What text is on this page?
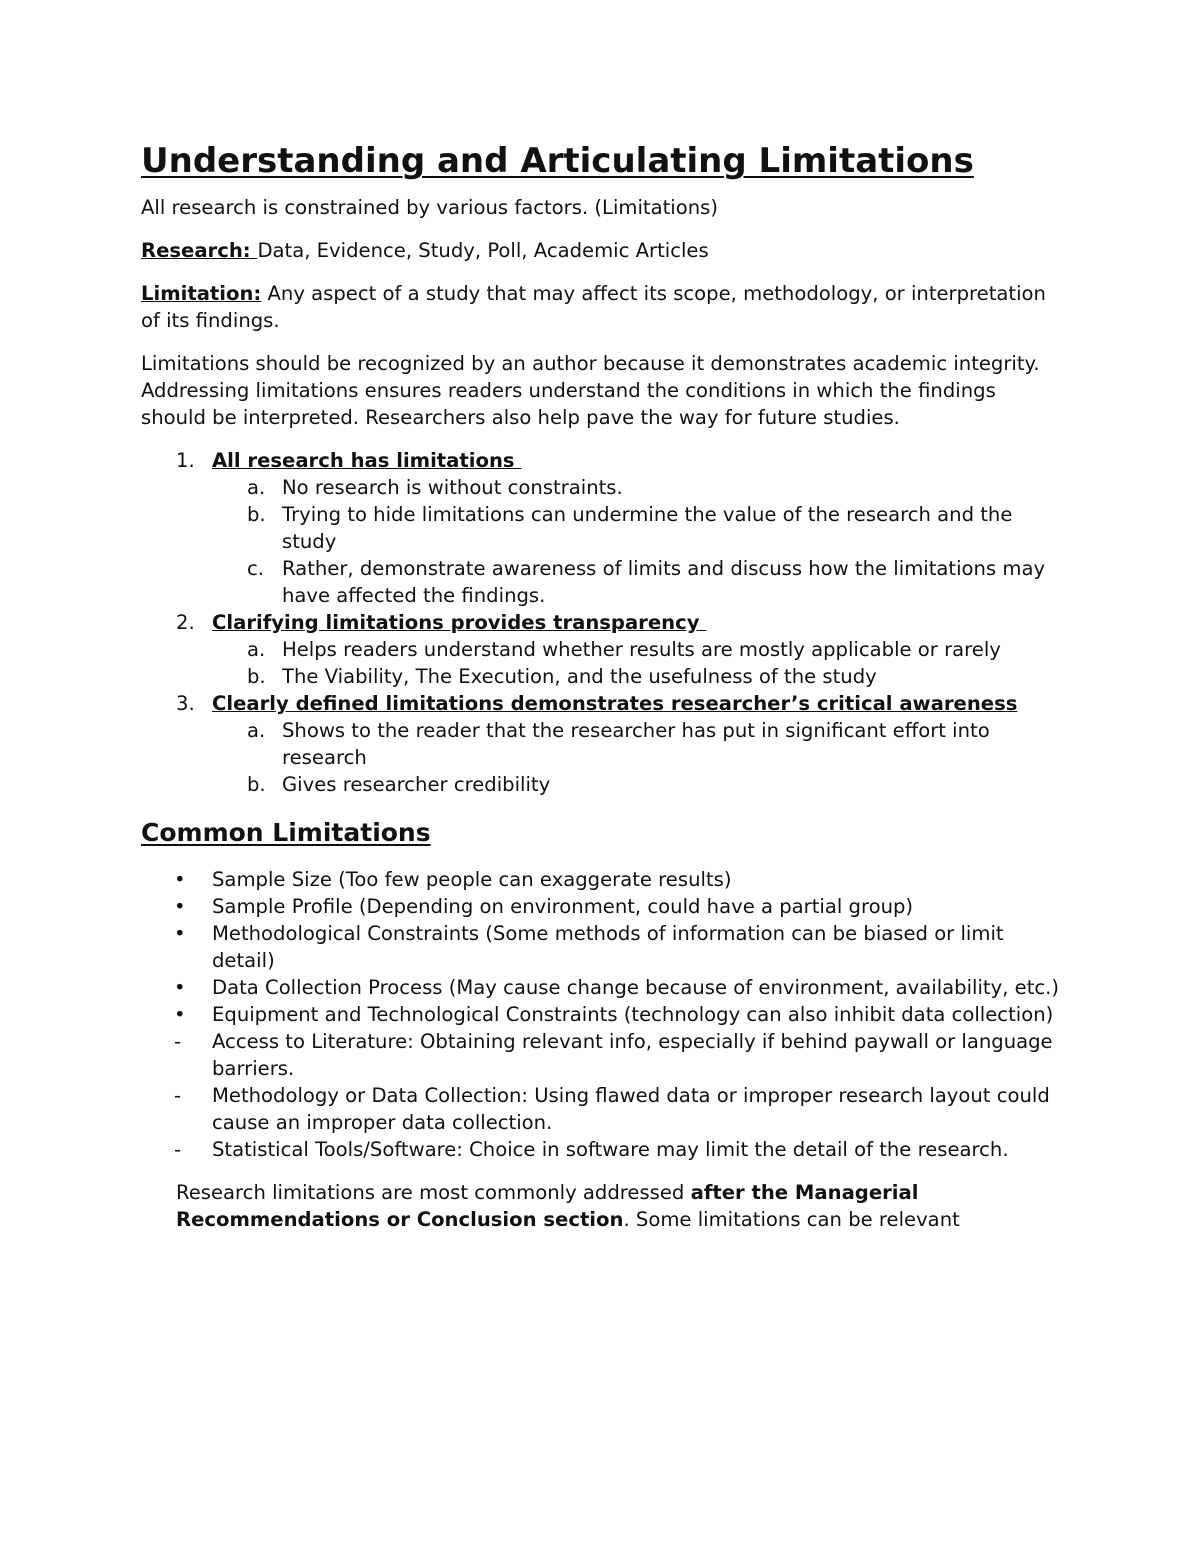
Understanding and Articulating Limitations

All research is constrained by various factors. (Limitations)

Research: Data, Evidence, Study, Poll, Academic Articles

Limitation: Any aspect of a study that may affect its scope, methodology, or interpretation of its findings.

Limitations should be recognized by an author because it demonstrates academic integrity. Addressing limitations ensures readers understand the conditions in which the findings should be interpreted. Researchers also help pave the way for future studies.

1. All research has limitations
a. No research is without constraints.
b. Trying to hide limitations can undermine the value of the research and the study
c. Rather, demonstrate awareness of limits and discuss how the limitations may have affected the findings.
2. Clarifying limitations provides transparency
a. Helps readers understand whether results are mostly applicable or rarely
b. The Viability, The Execution, and the usefulness of the study
3. Clearly defined limitations demonstrates researcher’s critical awareness
a. Shows to the reader that the researcher has put in significant effort into research
b. Gives researcher credibility
Common Limitations
• Sample Size (Too few people can exaggerate results)
• Sample Profile (Depending on environment, could have a partial group)
• Methodological Constraints (Some methods of information can be biased or limit detail)
• Data Collection Process (May cause change because of environment, availability, etc.)
• Equipment and Technological Constraints (technology can also inhibit data collection)
- Access to Literature: Obtaining relevant info, especially if behind paywall or language barriers.
- Methodology or Data Collection: Using flawed data or improper research layout could cause an improper data collection.
- Statistical Tools/Software: Choice in software may limit the detail of the research.

Research limitations are most commonly addressed after the Managerial Recommendations or Conclusion section. Some limitations can be relevant
